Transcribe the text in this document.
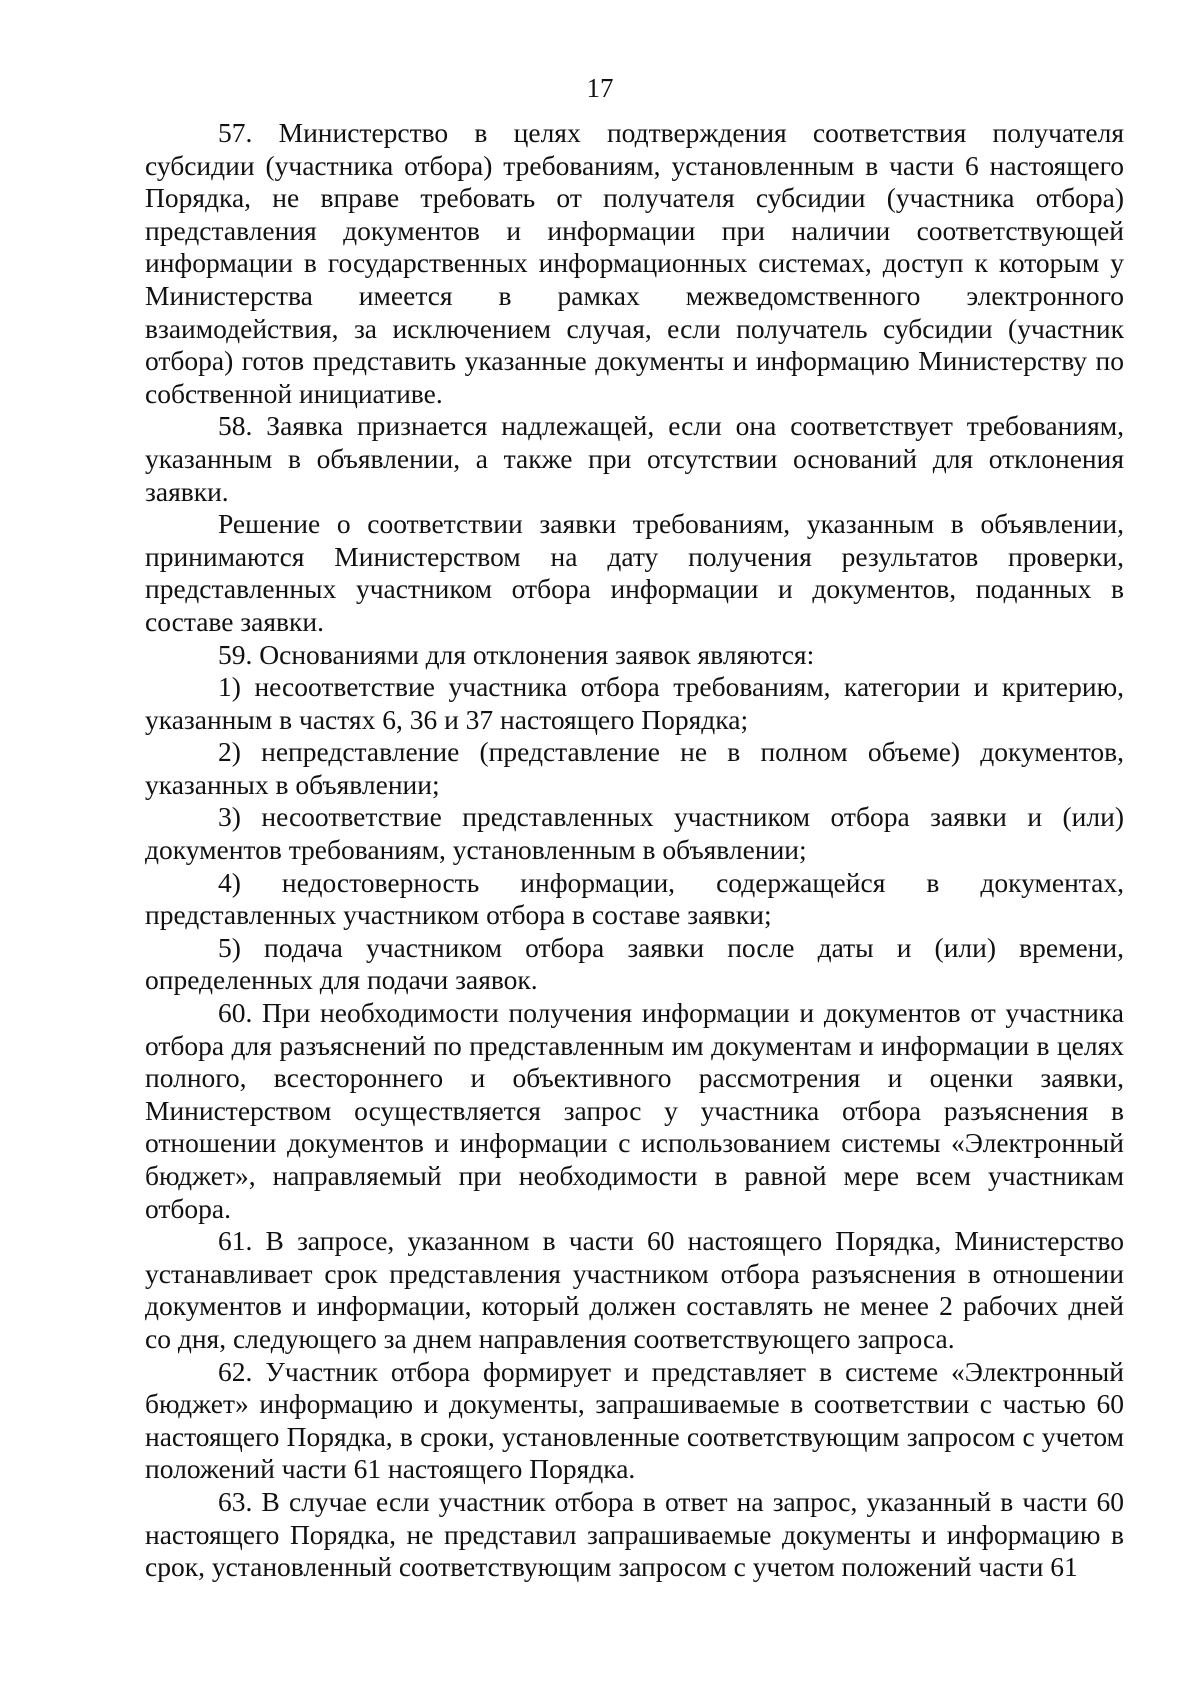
17

57. Министерство в целях подтверждения соответствия получателя субсидии (участника отбора) требованиям, установленным в части 6 настоящего Порядка, не вправе требовать от получателя субсидии (участника отбора) представления документов и информации при наличии соответствующей информации в государственных информационных системах, доступ к которым у Министерства имеется в рамках межведомственного электронного взаимодействия, за исключением случая, если получатель субсидии (участник отбора) готов представить указанные документы и информацию Министерству по собственной инициативе.

58. Заявка признается надлежащей, если она соответствует требованиям, указанным в объявлении, а также при отсутствии оснований для отклонения заявки.

Решение о соответствии заявки требованиям, указанным в объявлении, принимаются Министерством на дату получения результатов проверки, представленных участником отбора информации и документов, поданных в составе заявки.

59. Основаниями для отклонения заявок являются:

1) несоответствие участника отбора требованиям, категории и критерию, указанным в частях 6, 36 и 37 настоящего Порядка;

2) непредставление (представление не в полном объеме) документов, указанных в объявлении;

3) несоответствие представленных участником отбора заявки и (или) документов требованиям, установленным в объявлении;

4) недостоверность информации, содержащейся в документах, представленных участником отбора в составе заявки;

5) подача участником отбора заявки после даты и (или) времени, определенных для подачи заявок.

60. При необходимости получения информации и документов от участника отбора для разъяснений по представленным им документам и информации в целях полного, всестороннего и объективного рассмотрения и оценки заявки, Министерством осуществляется запрос у участника отбора разъяснения в отношении документов и информации с использованием системы «Электронный бюджет», направляемый при необходимости в равной мере всем участникам отбора.

61. В запросе, указанном в части 60 настоящего Порядка, Министерство устанавливает срок представления участником отбора разъяснения в отношении документов и информации, который должен составлять не менее 2 рабочих дней со дня, следующего за днем направления соответствующего запроса.

62. Участник отбора формирует и представляет в системе «Электронный бюджет» информацию и документы, запрашиваемые в соответствии с частью 60 настоящего Порядка, в сроки, установленные соответствующим запросом с учетом положений части 61 настоящего Порядка.

63. В случае если участник отбора в ответ на запрос, указанный в части 60 настоящего Порядка, не представил запрашиваемые документы и информацию в срок, установленный соответствующим запросом с учетом положений части 61
